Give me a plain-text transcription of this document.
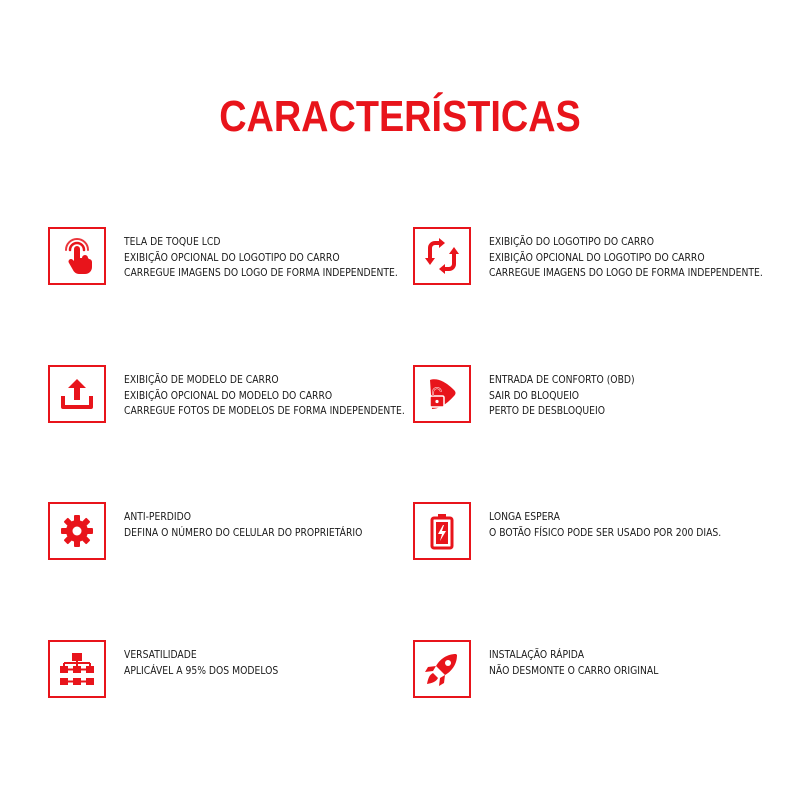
CARACTERÍSTICAS
TELA DE TOQUE LCD
EXIBIÇÃO OPCIONAL DO LOGOTIPO DO CARRO
CARREGUE IMAGENS DO LOGO DE FORMA INDEPENDENTE.
EXIBIÇÃO DO LOGOTIPO DO CARRO
EXIBIÇÃO OPCIONAL DO LOGOTIPO DO CARRO
CARREGUE IMAGENS DO LOGO DE FORMA INDEPENDENTE.
EXIBIÇÃO DE MODELO DE CARRO
EXIBIÇÃO OPCIONAL DO MODELO DO CARRO
CARREGUE FOTOS DE MODELOS DE FORMA INDEPENDENTE.
ENTRADA DE CONFORTO (OBD)
SAIR DO BLOQUEIO
PERTO DE DESBLOQUEIO
ANTI-PERDIDO
DEFINA O NÚMERO DO CELULAR DO PROPRIETÁRIO
LONGA ESPERA
O BOTÃO FÍSICO PODE SER USADO POR 200 DIAS.
VERSATILIDADE
APLICÁVEL A 95% DOS MODELOS
INSTALAÇÃO RÁPIDA
NÃO DESMONTE O CARRO ORIGINAL
